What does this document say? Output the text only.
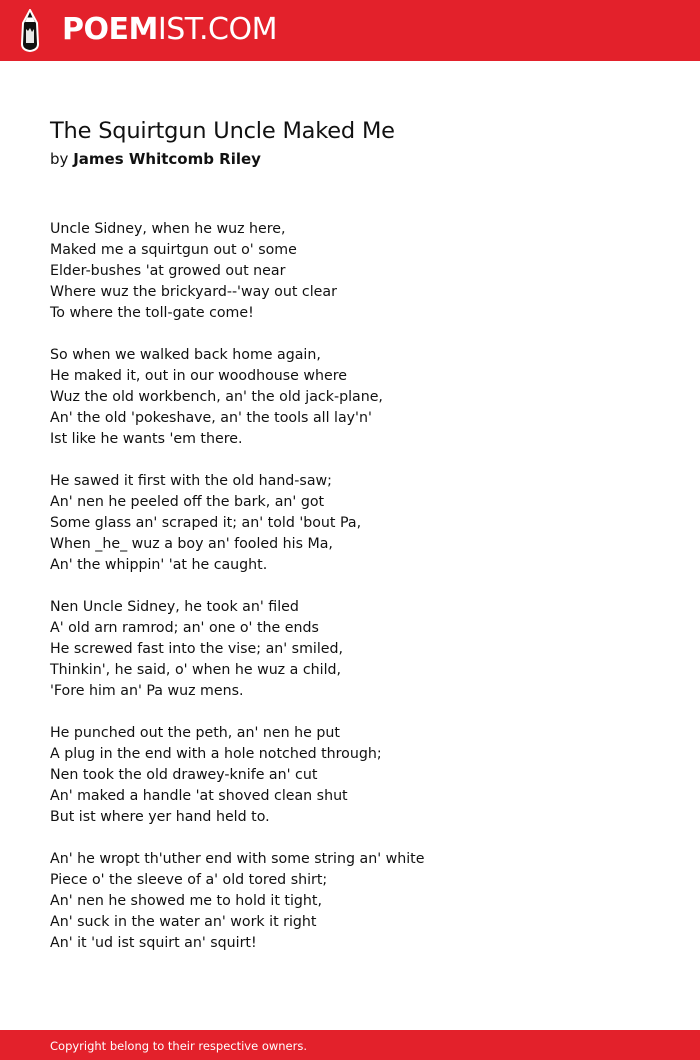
POEMIST.COM
The Squirtgun Uncle Maked Me
by James Whitcomb Riley
Uncle Sidney, when he wuz here,
Maked me a squirtgun out o' some
Elder-bushes 'at growed out near
Where wuz the brickyard--'way out clear
To where the toll-gate come!
So when we walked back home again,
He maked it, out in our woodhouse where
Wuz the old workbench, an' the old jack-plane,
An' the old 'pokeshave, an' the tools all lay'n'
Ist like he wants 'em there.
He sawed it first with the old hand-saw;
An' nen he peeled off the bark, an' got
Some glass an' scraped it; an' told 'bout Pa,
When _he_ wuz a boy an' fooled his Ma,
An' the whippin' 'at he caught.
Nen Uncle Sidney, he took an' filed
A' old arn ramrod; an' one o' the ends
He screwed fast into the vise; an' smiled,
Thinkin', he said, o' when he wuz a child,
'Fore him an' Pa wuz mens.
He punched out the peth, an' nen he put
A plug in the end with a hole notched through;
Nen took the old drawey-knife an' cut
An' maked a handle 'at shoved clean shut
But ist where yer hand held to.
An' he wropt th'uther end with some string an' white
Piece o' the sleeve of a' old tored shirt;
An' nen he showed me to hold it tight,
An' suck in the water an' work it right
An' it 'ud ist squirt an' squirt!
Copyright belong to their respective owners.
